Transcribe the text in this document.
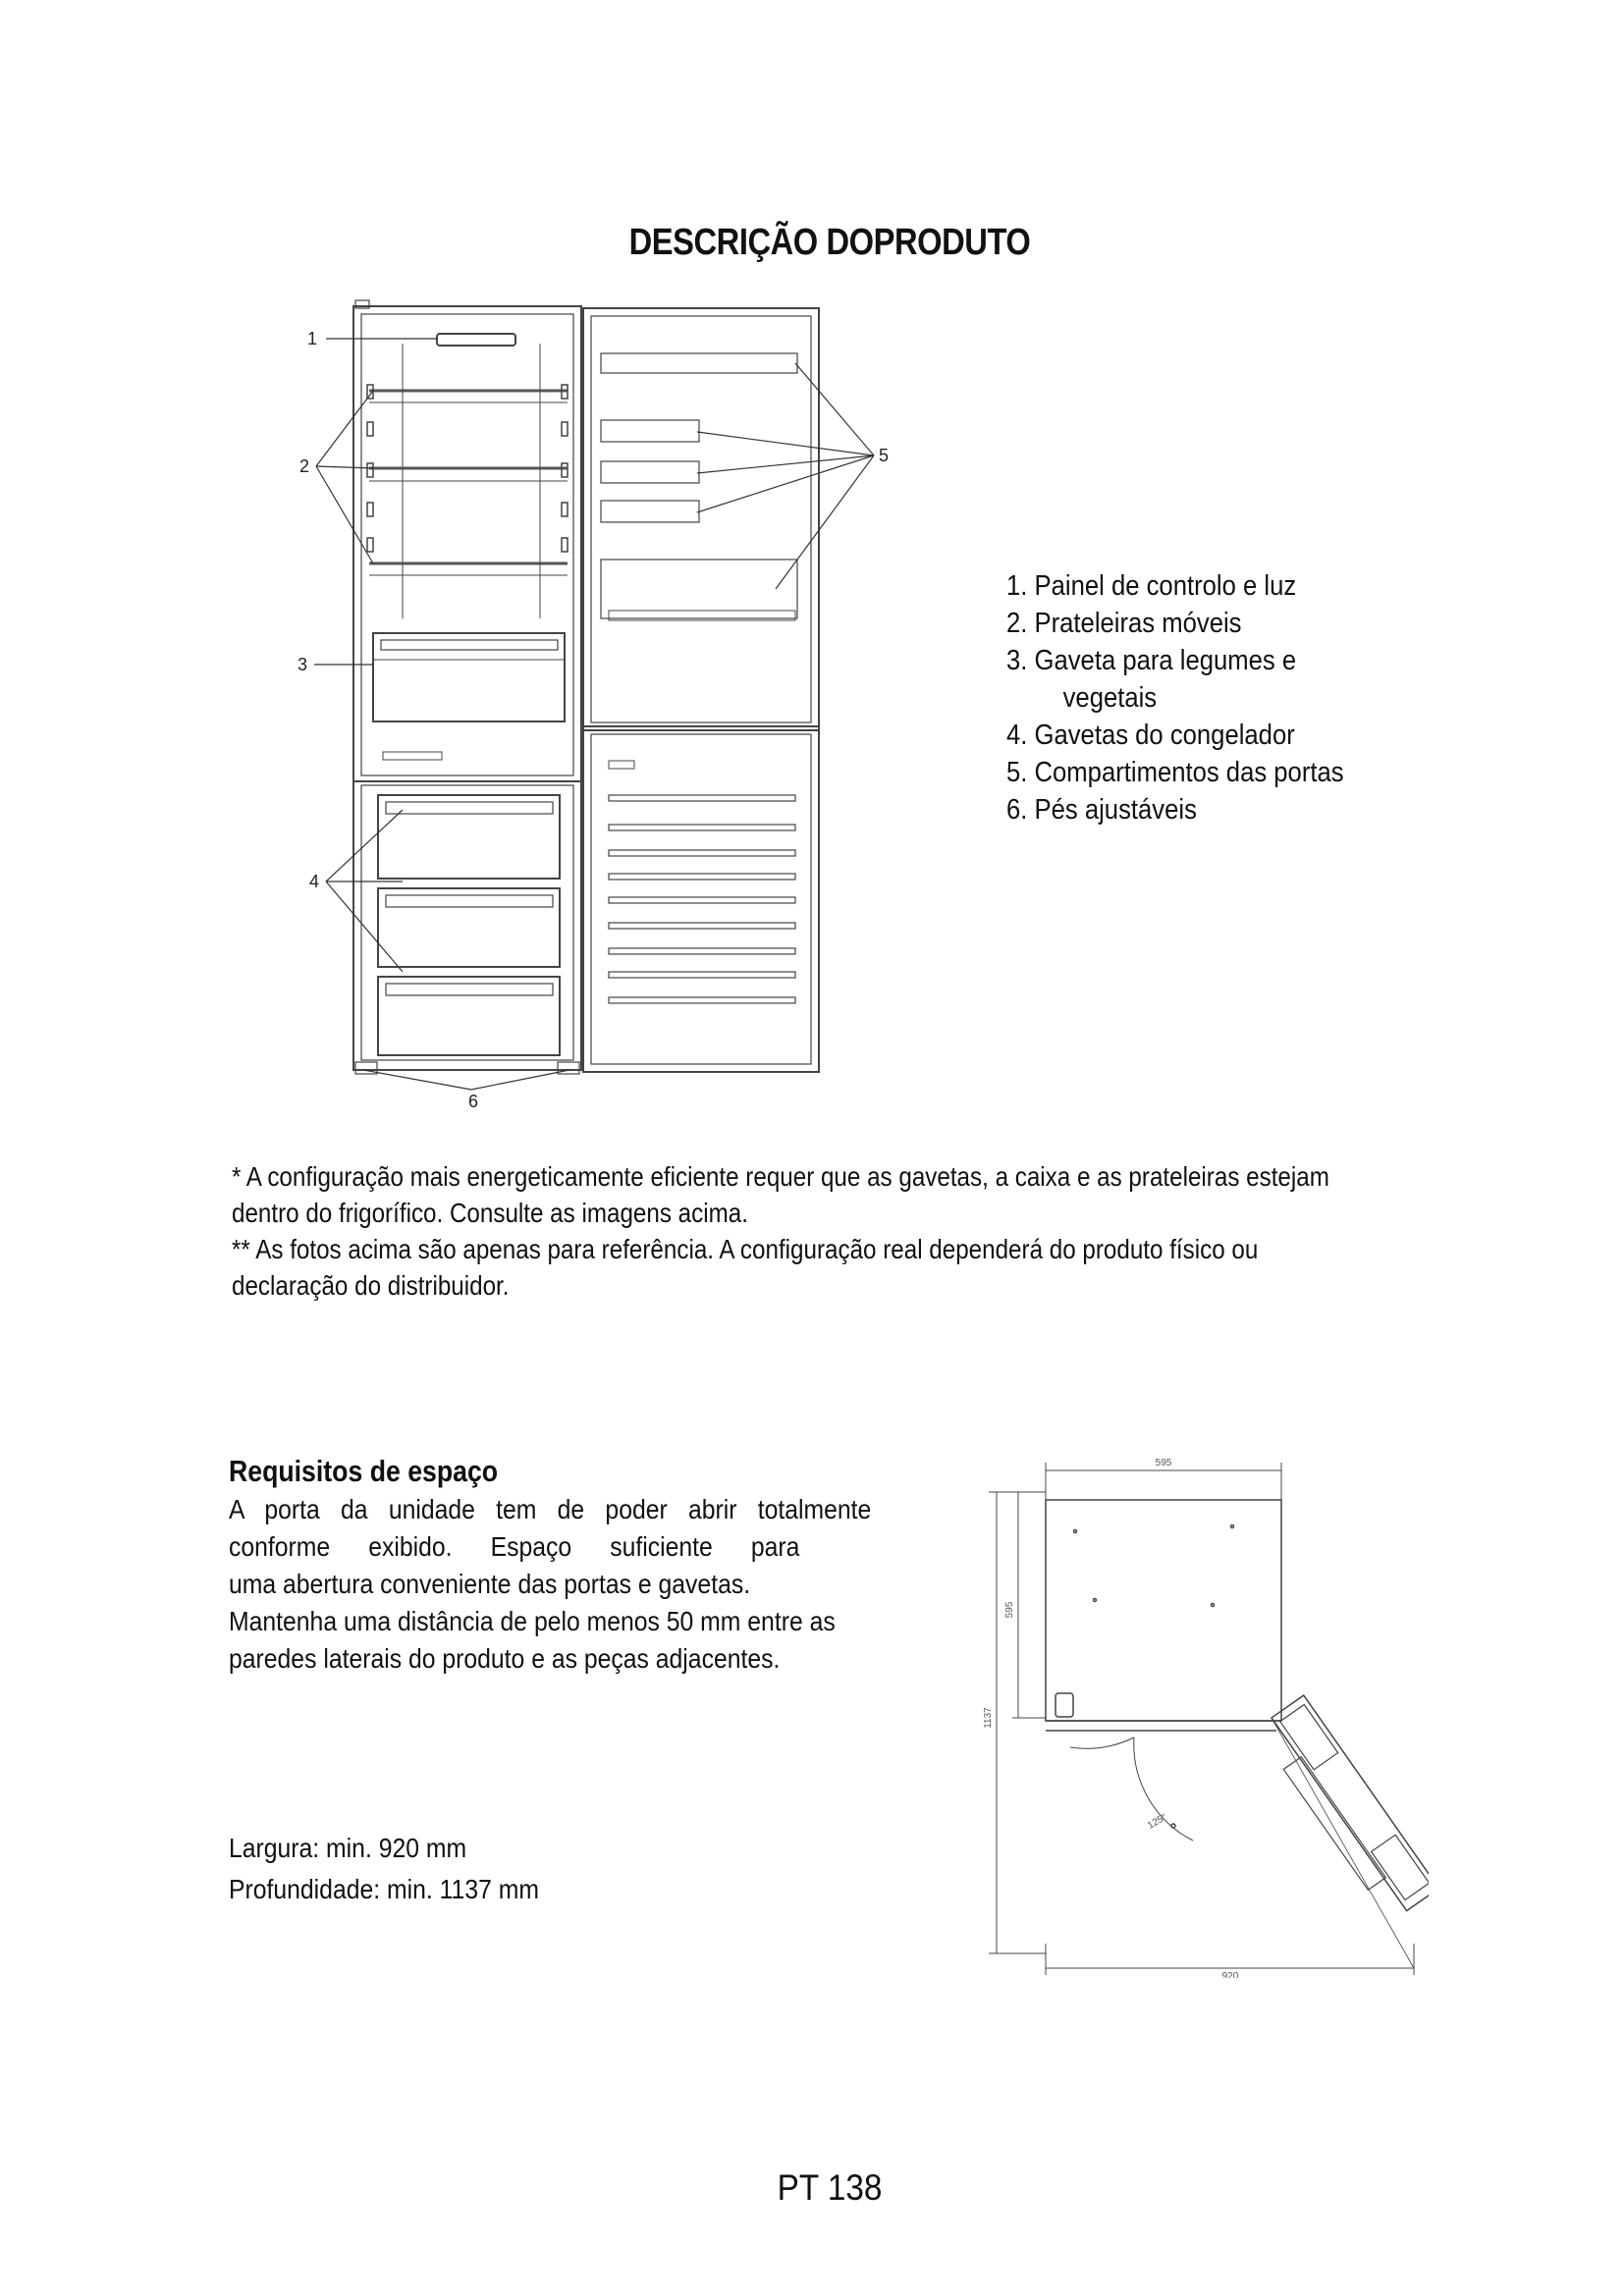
DESCRIÇÃO DOPRODUTO
1
2
3
4
5
6
1. Painel de controlo e luz
2. Prateleiras móveis
3. Gaveta para legumes e
vegetais
4. Gavetas do congelador
5. Compartimentos das portas
6. Pés ajustáveis

* A configuração mais energeticamente eficiente requer que as gavetas, a caixa e as prateleiras estejam dentro do frigorífico. Consulte as imagens acima.

** As fotos acima são apenas para referência. A configuração real dependerá do produto físico ou declaração do distribuidor.

Requisitos de espaço
A porta da unidade tem de poder abrir totalmente
conforme exibido. Espaço suficiente para
uma abertura conveniente das portas e gavetas.
Mantenha uma distância de pelo menos 50 mm entre as
paredes laterais do produto e as peças adjacentes.

Largura: min. 920 mm

Profundidade: min. 1137 mm

595
920
595
1137
125°
PT 138
